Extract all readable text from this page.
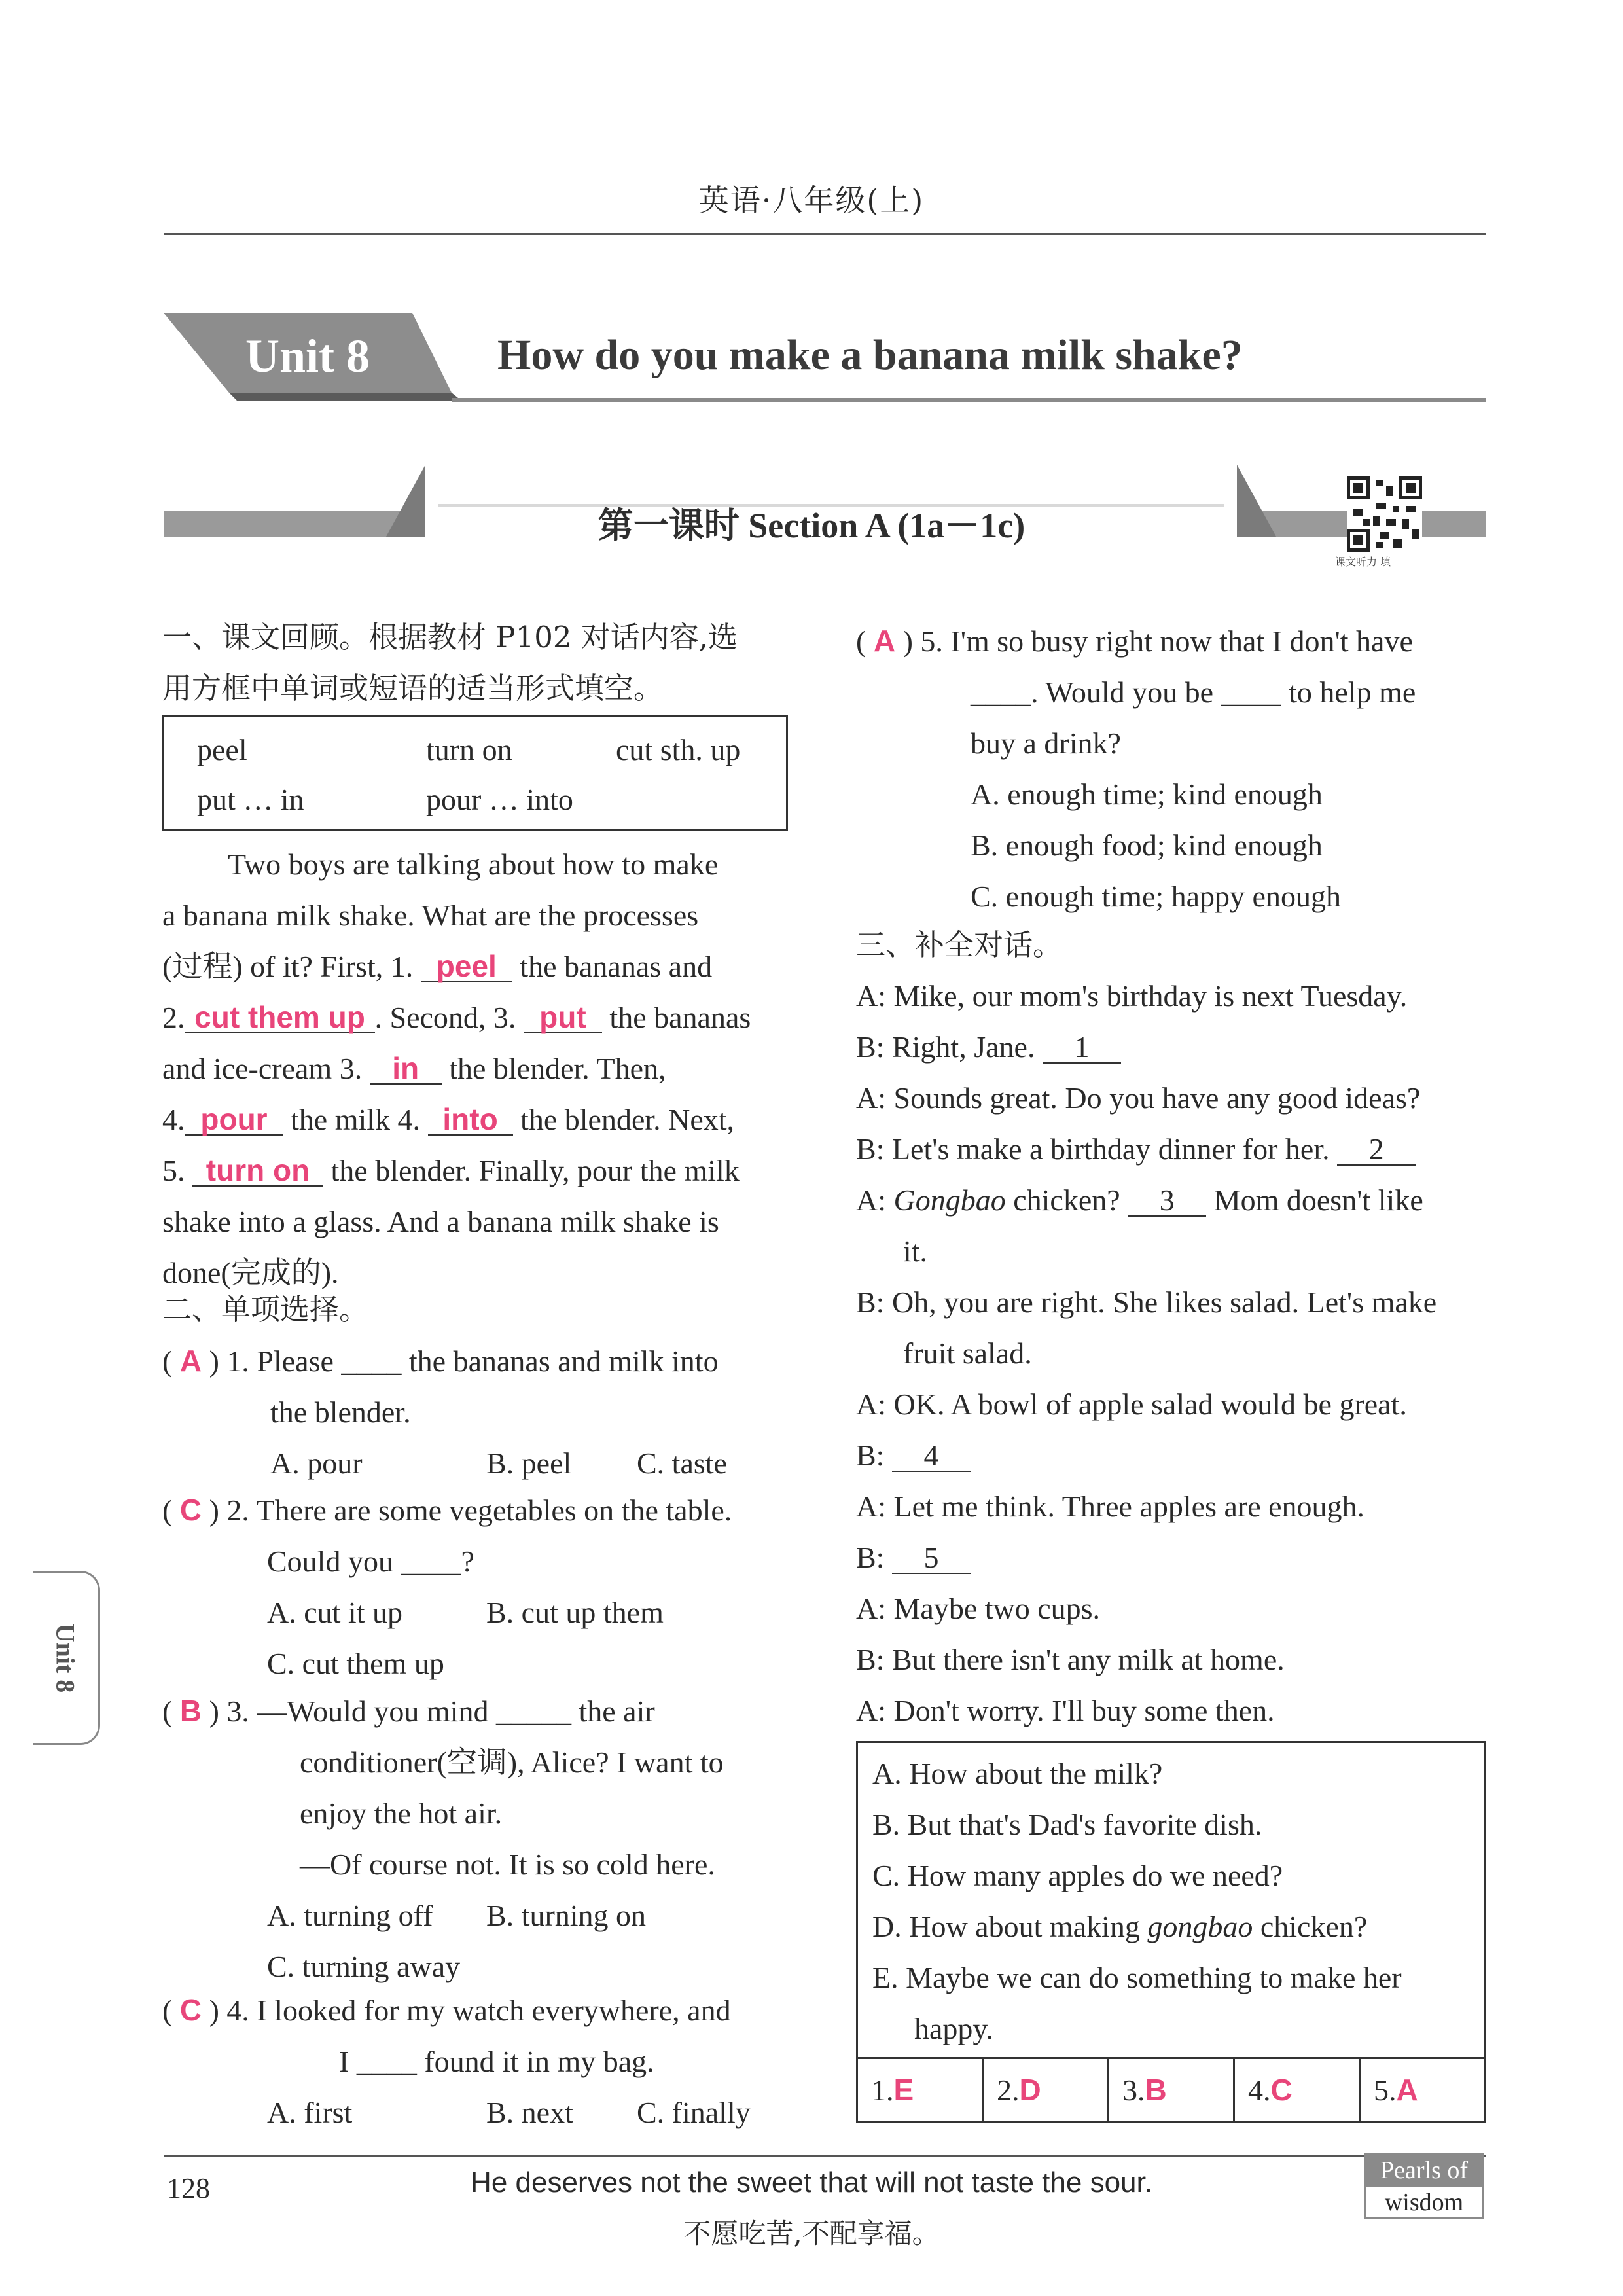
英语·八年级(上)
Unit 8	How do you make a banana milk shake?
第一课时 Section A (1a－1c)
课文听力 填
一、课文回顾。根据教材 P102 对话内容,选
用方框中单词或短语的适当形式填空。
peel	turn on	cut sth. up
put … in	pour … into
Two boys are talking about how to make
a banana milk shake. What are the processes
(过程) of it? First, 1. peel the bananas and
2. cut them up . Second, 3. put the bananas
and ice-cream 3. in the blender. Then,
4. pour the milk 4. into the blender. Next,
5. turn on the blender. Finally, pour the milk
shake into a glass. And a banana milk shake is
done(完成的).
二、单项选择。
( A ) 1. Please ____ the bananas and milk into
the blender.
A. pour	B. peel C. taste
( C ) 2. There are some vegetables on the table.
Could you ____?
A. cut it up	B. cut up them
C. cut them up
( B ) 3. —Would you mind _____ the air
conditioner(空调), Alice? I want to
enjoy the hot air.
—Of course not. It is so cold here.
A. turning off B. turning on
C. turning away
( C ) 4. I looked for my watch everywhere, and
I ____ found it in my bag.
A. first	B. next C. finally
( A ) 5. I'm so busy right now that I don't have
____. Would you be ____ to help me
buy a drink?
A. enough time; kind enough
B. enough food; kind enough
C. enough time; happy enough
三、补全对话。
A: Mike, our mom's birthday is next Tuesday.
B: Right, Jane. 1
A: Sounds great. Do you have any good ideas?
B: Let's make a birthday dinner for her. 2
A: Gongbao chicken? 3 Mom doesn't like
it.
B: Oh, you are right. She likes salad. Let's make
fruit salad.
A: OK. A bowl of apple salad would be great.
B: 4
A: Let me think. Three apples are enough.
B: 5
A: Maybe two cups.
B: But there isn't any milk at home.
A: Don't worry. I'll buy some then.
A. How about the milk?
B. But that's Dad's favorite dish.
C. How many apples do we need?
D. How about making gongbao chicken?
E. Maybe we can do something to make her
happy.
1.E	2.D	3.B	4.C	5.A
Unit 8
128	He deserves not the sweet that will not taste the sour.
不愿吃苦,不配享福。
Pearls of
wisdom
